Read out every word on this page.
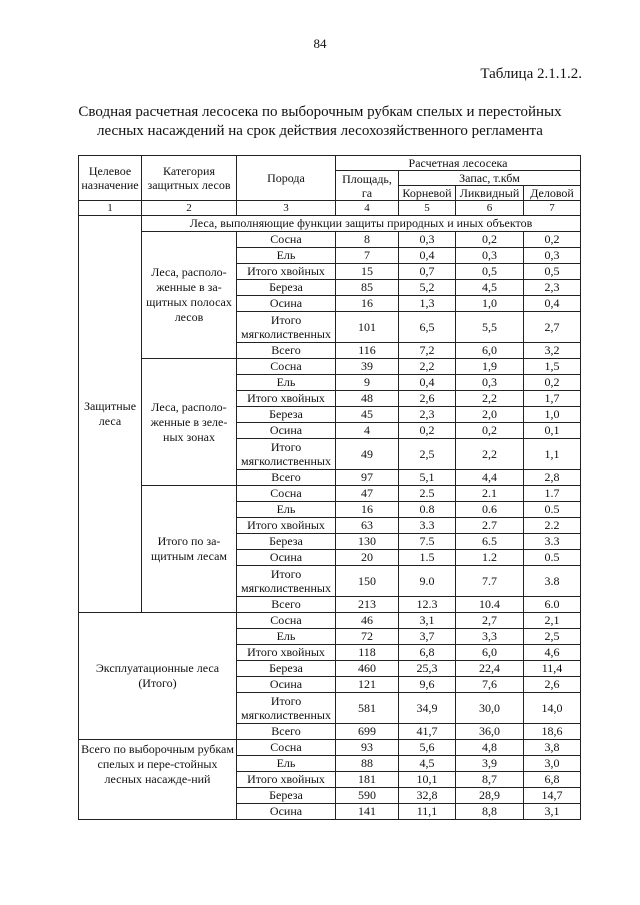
84
Таблица 2.1.1.2.
Сводная расчетная лесосека по выборочным рубкам спелых и перестойных
лесных насаждений на срок действия лесохозяйственного регламента
Целевое назначение	Категория защитных лесов	Порода	Расчетная лесосека			
			Площадь, га	Запас, т.кбм		
				Корневой	Ликвидный	Деловой
1	2	3	4	5	6	7
Защитные леса	Леса, выполняющие функции защиты природных и иных объектов					
	Леса, располо-женные в за-щитных полосах лесов	Сосна	8	0,3	0,2	0,2
		Ель	7	0,4	0,3	0,3
		Итого хвойных	15	0,7	0,5	0,5
		Береза	85	5,2	4,5	2,3
		Осина	16	1,3	1,0	0,4
		Итого мягколиственных	101	6,5	5,5	2,7
		Всего	116	7,2	6,0	3,2
	Леса, располо-женные в зеле-ных зонах	Сосна	39	2,2	1,9	1,5
		Ель	9	0,4	0,3	0,2
		Итого хвойных	48	2,6	2,2	1,7
		Береза	45	2,3	2,0	1,0
		Осина	4	0,2	0,2	0,1
		Итого мягколиственных	49	2,5	2,2	1,1
		Всего	97	5,1	4,4	2,8
	Итого по за-щитным лесам	Сосна	47	2.5	2.1	1.7
		Ель	16	0.8	0.6	0.5
		Итого хвойных	63	3.3	2.7	2.2
		Береза	130	7.5	6.5	3.3
		Осина	20	1.5	1.2	0.5
		Итого мягколиственных	150	9.0	7.7	3.8
		Всего	213	12.3	10.4	6.0
Эксплуатационные леса (Итого)		Сосна	46	3,1	2,7	2,1
		Ель	72	3,7	3,3	2,5
		Итого хвойных	118	6,8	6,0	4,6
		Береза	460	25,3	22,4	11,4
		Осина	121	9,6	7,6	2,6
		Итого мягколиственных	581	34,9	30,0	14,0
		Всего	699	41,7	36,0	18,6
Всего по выборочным рубкам спелых и пере-стойных лесных насажде-ний		Сосна	93	5,6	4,8	3,8
		Ель	88	4,5	3,9	3,0
		Итого хвойных	181	10,1	8,7	6,8
		Береза	590	32,8	28,9	14,7
		Осина	141	11,1	8,8	3,1
